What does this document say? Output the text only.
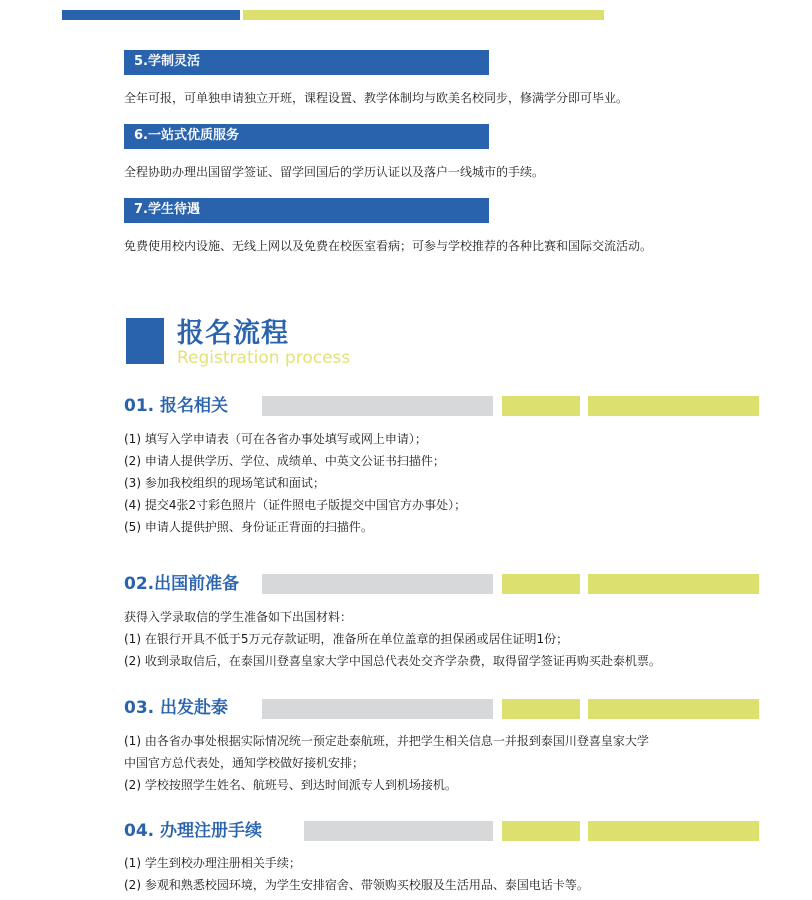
5.学制灵活
全年可报，可单独申请独立开班，课程设置、教学体制均与欧美名校同步，修满学分即可毕业。
6.一站式优质服务
全程协助办理出国留学签证、留学回国后的学历认证以及落户一线城市的手续。
7.学生待遇
免费使用校内设施、无线上网以及免费在校医室看病；可参与学校推荐的各种比赛和国际交流活动。
报名流程
Registration process
01. 报名相关
(1) 填写入学申请表（可在各省办事处填写或网上申请）；
(2) 申请人提供学历、学位、成绩单、中英文公证书扫描件；
(3) 参加我校组织的现场笔试和面试；
(4) 提交4张2寸彩色照片（证件照电子版提交中国官方办事处）；
(5) 申请人提供护照、身份证正背面的扫描件。
02.出国前准备
获得入学录取信的学生准备如下出国材料：
(1) 在银行开具不低于5万元存款证明，准备所在单位盖章的担保函或居住证明1份；
(2) 收到录取信后，在泰国川登喜皇家大学中国总代表处交齐学杂费，取得留学签证再购买赴泰机票。
03. 出发赴泰
(1) 由各省办事处根据实际情况统一预定赴泰航班，并把学生相关信息一并报到泰国川登喜皇家大学
中国官方总代表处，通知学校做好接机安排；
(2) 学校按照学生姓名、航班号、到达时间派专人到机场接机。
04. 办理注册手续
(1) 学生到校办理注册相关手续；
(2) 参观和熟悉校园环境，为学生安排宿舍、带领购买校服及生活用品、泰国电话卡等。
